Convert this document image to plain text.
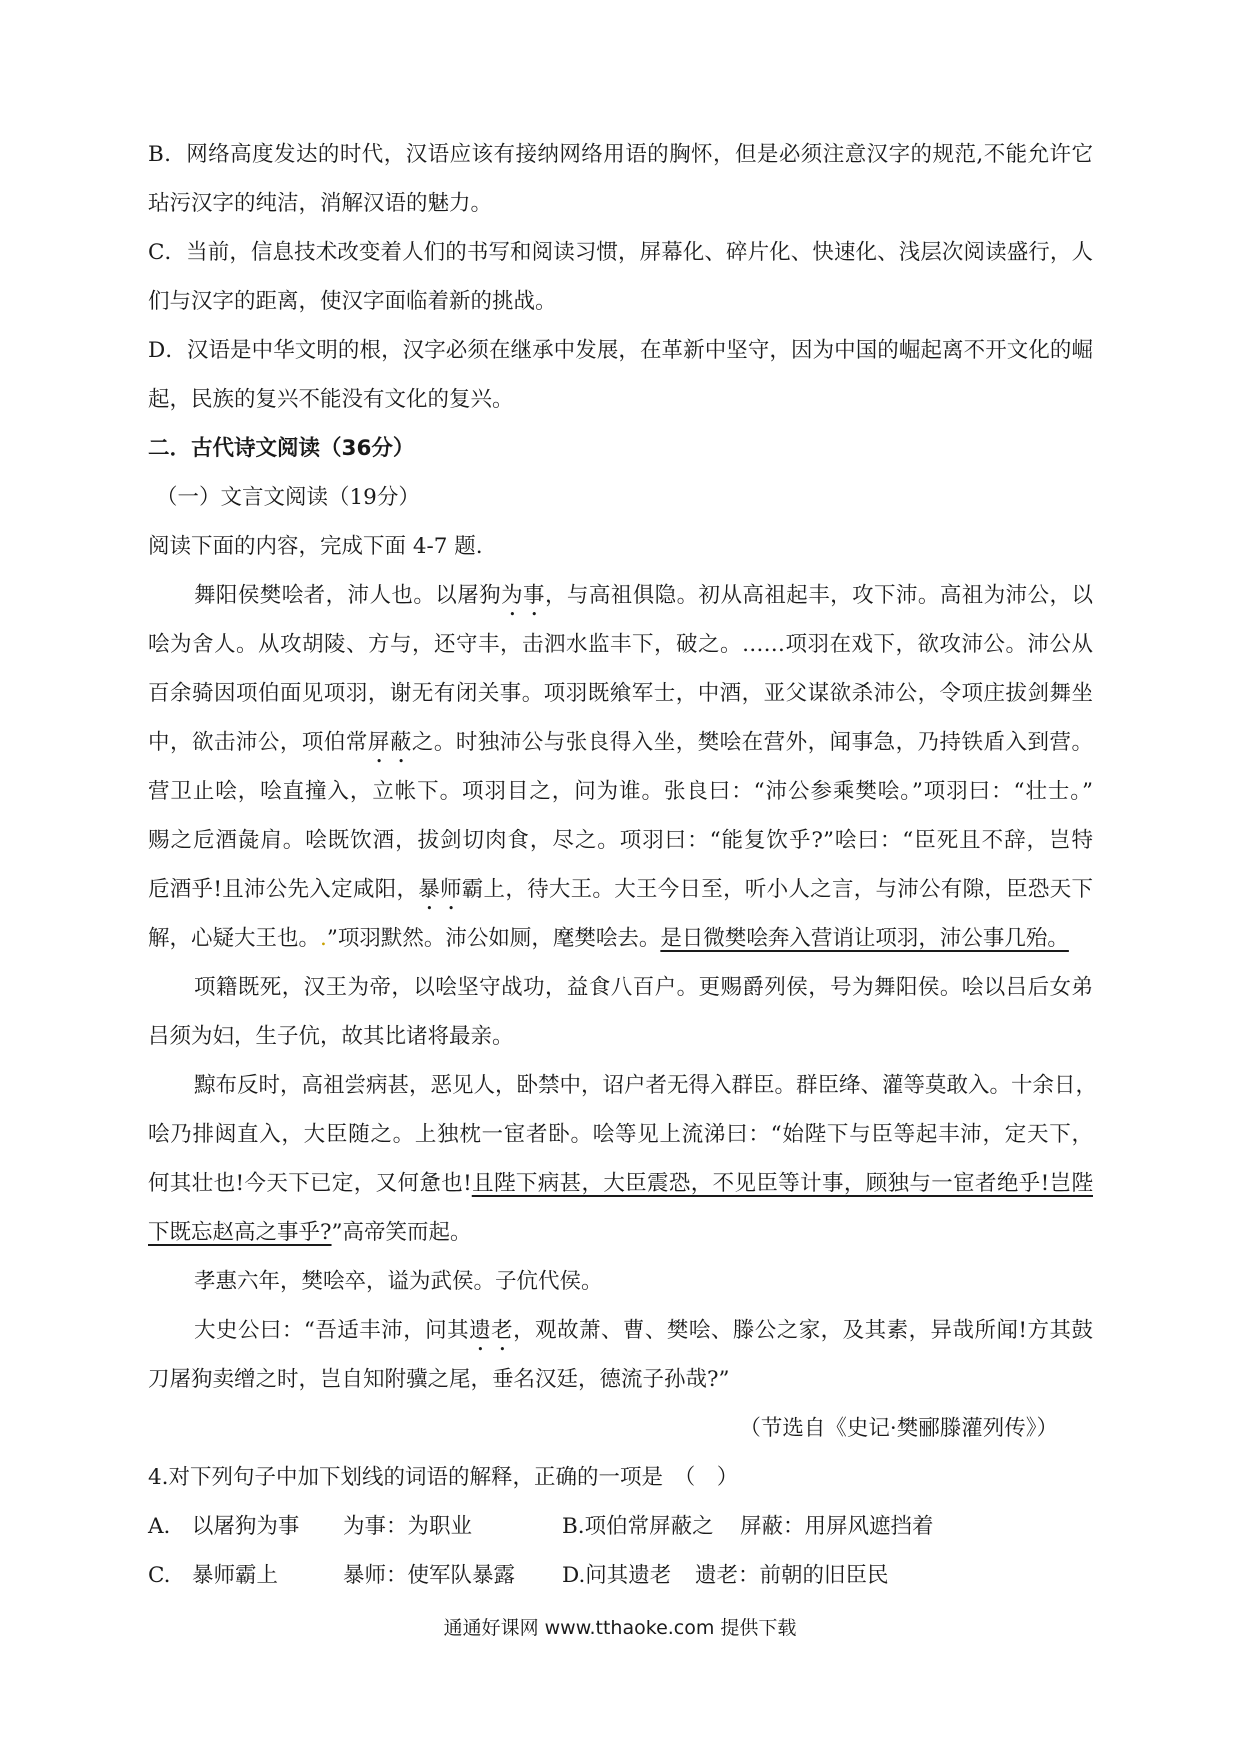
B．网络高度发达的时代，汉语应该有接纳网络用语的胸怀，但是必须注意汉字的规范,不能允许它
玷污汉字的纯洁，消解汉语的魅力。
C．当前，信息技术改变着人们的书写和阅读习惯，屏幕化、碎片化、快速化、浅层次阅读盛行，人
们与汉字的距离，使汉字面临着新的挑战。
D．汉语是中华文明的根，汉字必须在继承中发展，在革新中坚守，因为中国的崛起离不开文化的崛
起，民族的复兴不能没有文化的复兴。
二．古代诗文阅读（36分）
（一）文言文阅读（19分）
阅读下面的内容，完成下面 4-7 题.
舞阳侯樊哙者，沛人也。以屠狗为事，与高祖俱隐。初从高祖起丰，攻下沛。高祖为沛公，以
哙为舍人。从攻胡陵、方与，还守丰，击泗水监丰下，破之。……项羽在戏下，欲攻沛公。沛公从
百余骑因项伯面见项羽，谢无有闭关事。项羽既飨军士，中酒，亚父谋欲杀沛公，令项庄拔剑舞坐
中，欲击沛公，项伯常屏蔽之。时独沛公与张良得入坐，樊哙在营外，闻事急，乃持铁盾入到营。
营卫止哙，哙直撞入，立帐下。项羽目之，问为谁。张良曰：“沛公参乘樊哙。”项羽曰：“壮士。”
赐之卮酒彘肩。哙既饮酒，拔剑切肉食，尽之。项羽曰：“能复饮乎?”哙曰：“臣死且不辞，岂特
卮酒乎!且沛公先入定咸阳，暴师霸上，待大王。大王今日至，听小人之言，与沛公有隙，臣恐天下
解，心疑大王也。.”项羽默然。沛公如厕，麾樊哙去。是日微樊哙奔入营诮让项羽，沛公事几殆。
项籍既死，汉王为帝，以哙坚守战功，益食八百户。更赐爵列侯，号为舞阳侯。哙以吕后女弟
吕须为妇，生子伉，故其比诸将最亲。
黥布反时，高祖尝病甚，恶见人，卧禁中，诏户者无得入群臣。群臣绛、灌等莫敢入。十余日，
哙乃排闼直入，大臣随之。上独枕一宦者卧。哙等见上流涕曰：“始陛下与臣等起丰沛，定天下，
何其壮也!今天下已定，又何惫也!且陛下病甚，大臣震恐，不见臣等计事，顾独与一宦者绝乎!岂陛
下既忘赵高之事乎?”高帝笑而起。
孝惠六年，樊哙卒，谥为武侯。子伉代侯。
大史公曰：“吾适丰沛，问其遗老，观故萧、曹、樊哙、滕公之家，及其素，异哉所闻!方其鼓
刀屠狗卖缯之时，岂自知附骥之尾，垂名汉廷，德流子孙哉?”
（节选自《史记·樊郦滕灌列传》）
4.对下列句子中加下划线的词语的解释，正确的一项是　（　）
A.　以屠狗为事 为事：为职业	B.项伯常屏蔽之 屏蔽：用屏风遮挡着
C.　暴师霸上	暴师：使军队暴露 D.问其遗老 遗老：前朝的旧臣民
通通好课网 www.tthaoke.com 提供下载
